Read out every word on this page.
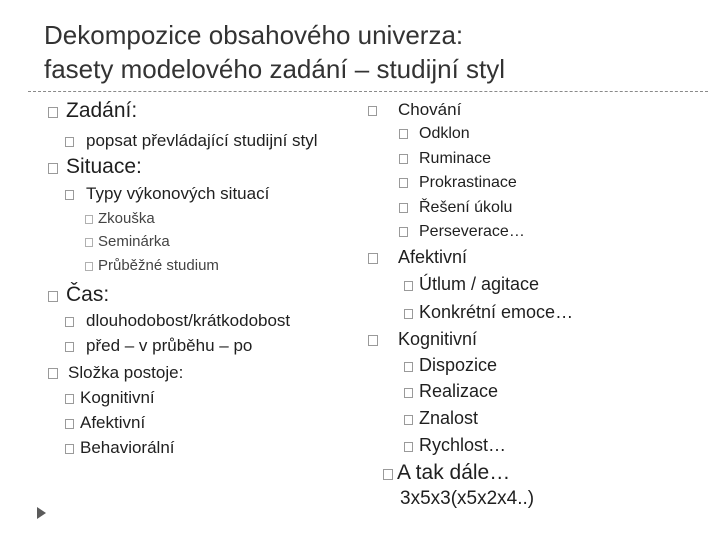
Dekompozice obsahového univerza:
fasety modelového zadání – studijní styl
Zadání:
popsat převládající studijní styl
Situace:
Typy výkonových situací
Zkouška
Seminárka
Průběžné studium
Čas:
dlouhodobost/krátkodobost
před – v průběhu – po
Složka postoje:
Kognitivní
Afektivní
Behaviorální
Chování
Odklon
Ruminace
Prokrastinace
Řešení úkolu
Perseverace…
Afektivní
Útlum / agitace
Konkrétní emoce…
Kognitivní
Dispozice
Realizace
Znalost
Rychlost…
A tak dále…
3x5x3(x5x2x4..)
